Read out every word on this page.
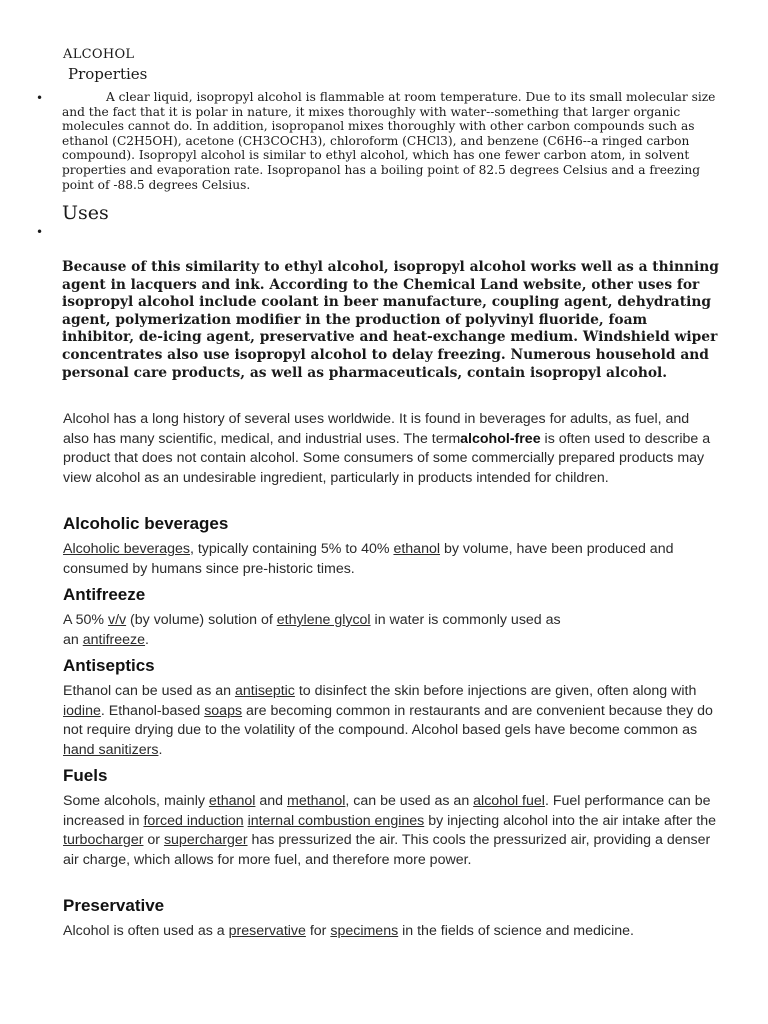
ALCOHOL
Properties
•	A clear liquid, isopropyl alcohol is flammable at room temperature. Due to its small molecular size and the fact that it is polar in nature, it mixes thoroughly with water--something that larger organic molecules cannot do. In addition, isopropanol mixes thoroughly with other carbon compounds such as ethanol (C2H5OH), acetone (CH3COCH3), chloroform (CHCl3), and benzene (C6H6--a ringed carbon compound). Isopropyl alcohol is similar to ethyl alcohol, which has one fewer carbon atom, in solvent properties and evaporation rate. Isopropanol has a boiling point of 82.5 degrees Celsius and a freezing point of -88.5 degrees Celsius.

Uses
•

Because of this similarity to ethyl alcohol, isopropyl alcohol works well as a thinning agent in lacquers and ink. According to the Chemical Land website, other uses for isopropyl alcohol include coolant in beer manufacture, coupling agent, dehydrating agent, polymerization modifier in the production of polyvinyl fluoride, foam inhibitor, de-icing agent, preservative and heat-exchange medium. Windshield wiper concentrates also use isopropyl alcohol to delay freezing. Numerous household and personal care products, as well as pharmaceuticals, contain isopropyl alcohol.

Alcohol has a long history of several uses worldwide. It is found in beverages for adults, as fuel, and also has many scientific, medical, and industrial uses. The termalcohol-free is often used to describe a product that does not contain alcohol. Some consumers of some commercially prepared products may view alcohol as an undesirable ingredient, particularly in products intended for children.

Alcoholic beverages

Alcoholic beverages, typically containing 5% to 40% ethanol by volume, have been produced and consumed by humans since pre-historic times.

Antifreeze

A 50% v/v (by volume) solution of ethylene glycol in water is commonly used as
an antifreeze.

Antiseptics

Ethanol can be used as an antiseptic to disinfect the skin before injections are given, often along with iodine. Ethanol-based soaps are becoming common in restaurants and are convenient because they do not require drying due to the volatility of the compound. Alcohol based gels have become common as hand sanitizers.

Fuels

Some alcohols, mainly ethanol and methanol, can be used as an alcohol fuel. Fuel performance can be increased in forced induction internal combustion engines by injecting alcohol into the air intake after the turbocharger or supercharger has pressurized the air. This cools the pressurized air, providing a denser air charge, which allows for more fuel, and therefore more power.

Preservative

Alcohol is often used as a preservative for specimens in the fields of science and medicine.
